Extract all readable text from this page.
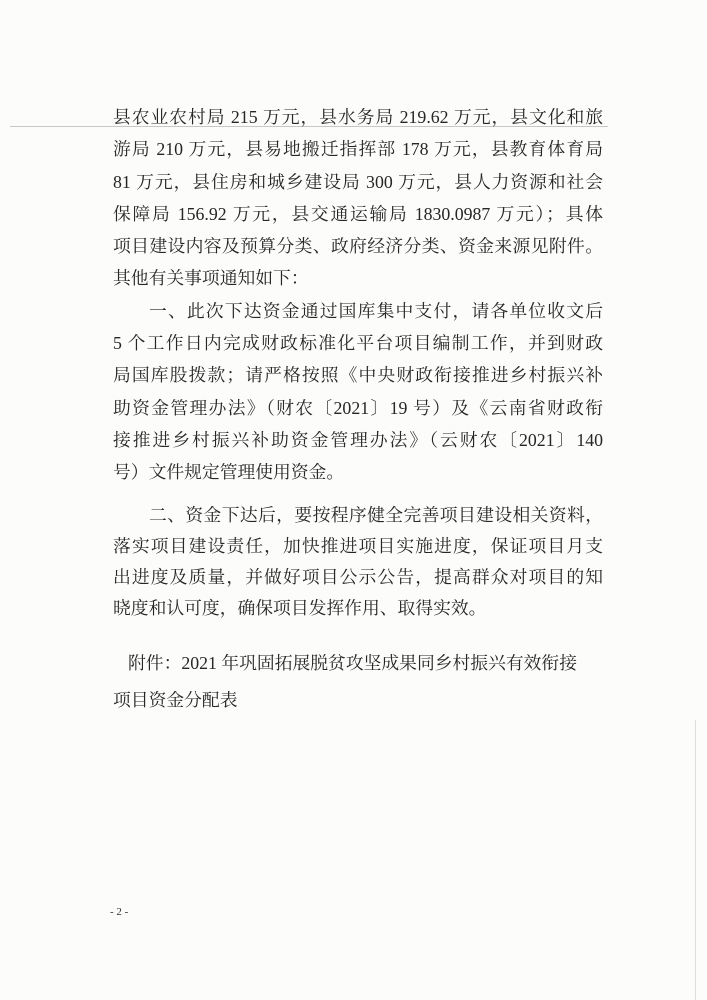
县农业农村局 215 万元，县水务局 219.62 万元，县文化和旅
游局 210 万元，县易地搬迁指挥部 178 万元，县教育体育局
81 万元，县住房和城乡建设局 300 万元，县人力资源和社会
保障局 156.92 万元，县交通运输局 1830.0987 万元）；具体
项目建设内容及预算分类、政府经济分类、资金来源见附件。
其他有关事项通知如下：
一、此次下达资金通过国库集中支付，请各单位收文后
5 个工作日内完成财政标准化平台项目编制工作，并到财政
局国库股拨款；请严格按照《中央财政衔接推进乡村振兴补
助资金管理办法》（财农〔2021〕19 号）及《云南省财政衔
接推进乡村振兴补助资金管理办法》（云财农〔2021〕140
号）文件规定管理使用资金。
二、资金下达后，要按程序健全完善项目建设相关资料，
落实项目建设责任，加快推进项目实施进度，保证项目月支
出进度及质量，并做好项目公示公告，提高群众对项目的知
晓度和认可度，确保项目发挥作用、取得实效。
附件：2021 年巩固拓展脱贫攻坚成果同乡村振兴有效衔接
项目资金分配表
- 2 -
